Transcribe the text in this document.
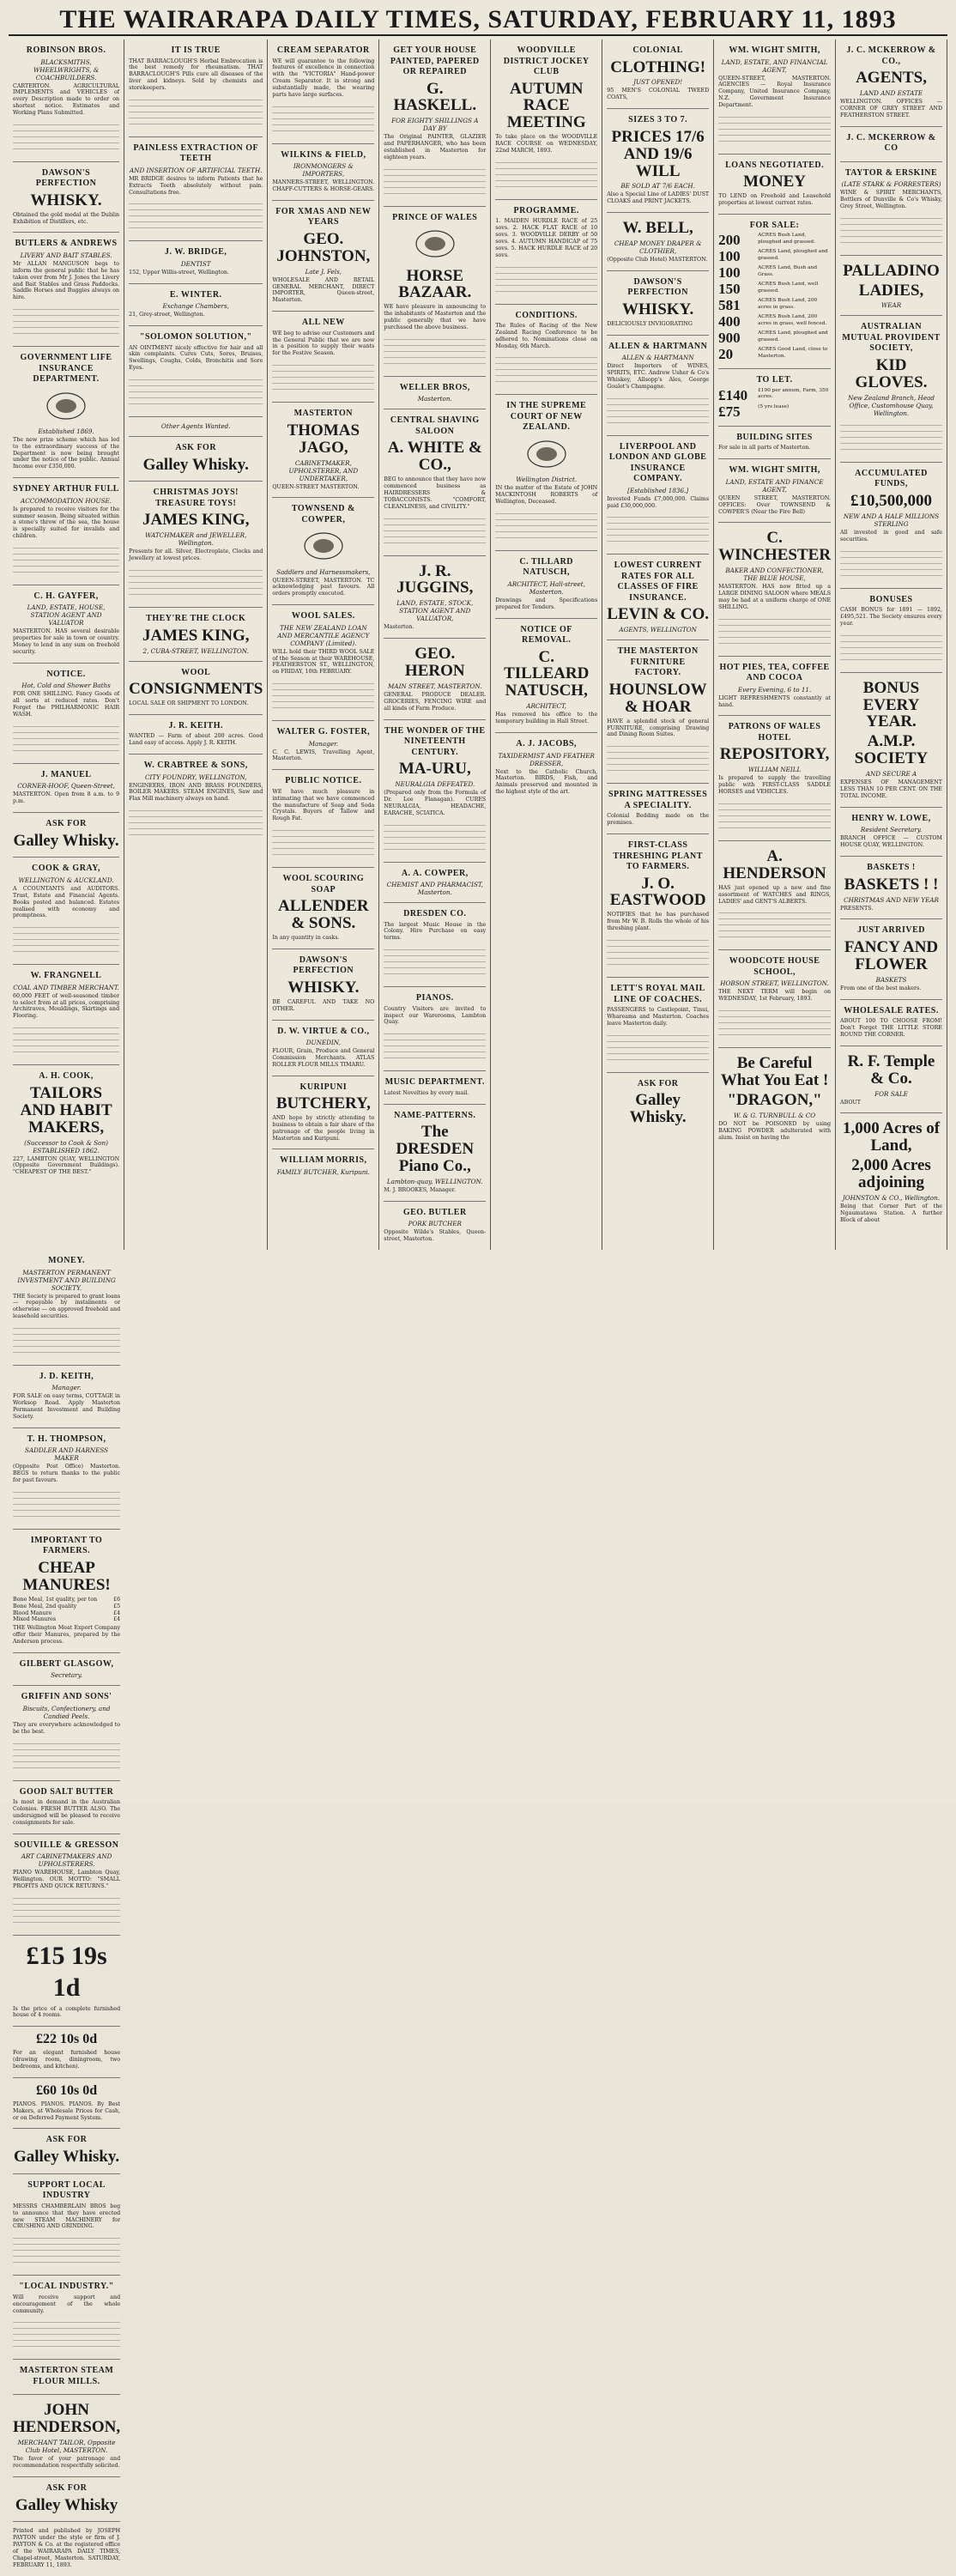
THE WAIRARAPA DAILY TIMES, SATURDAY, FEBRUARY 11, 1893
ROBINSON BROS.
BLACKSMITHS, WHEELWRIGHTS, & COACHBUILDERS.
CARTERTON. AGRICULTURAL IMPLEMENTS and VEHICLES of every Description made to order on shortest notice. Estimates and Working Plans Submitted.
DAWSON'S PERFECTION
WHISKY.
Obtained the gold medal at the Dublin Exhibition of Distillers, etc.
BUTLERS & ANDREWS
LIVERY AND BAIT STABLES.
Mr ALLAN MANGUSON begs to inform the general public that he has taken over from Mr J. Jones the Livery and Bait Stables and Grass Paddocks. Saddle Horses and Buggies always on hire.
GOVERNMENT LIFE INSURANCE DEPARTMENT.
Established 1869.
The new prize scheme which has led to the extraordinary success of the Department is now being brought under the notice of the public. Annual Income over £350,000.
SYDNEY ARTHUR FULL
ACCOMMODATION HOUSE.
Is prepared to receive visitors for the summer season. Being situated within a stone's throw of the sea, the house is specially suited for invalids and children.
C. H. GAYFER,
LAND, ESTATE, HOUSE, STATION AGENT AND VALUATOR
MASTERTON. HAS several desirable properties for sale in town or country. Money to lend in any sum on freehold security.
NOTICE.
Hot, Cold and Shower Baths
FOR ONE SHILLING. Fancy Goods of all sorts at reduced rates. Don't Forget the PHILHARMONIC HAIR WASH.
J. MANUEL
CORNER-HOOF, Queen-Street,
MASTERTON. Open from 8 a.m. to 9 p.m.
ASK FOR
Galley Whisky.
COOK & GRAY,
WELLINGTON & AUCKLAND.
A CCOUNTANTS and AUDITORS. Trust, Estate and Financial Agents. Books posted and balanced. Estates realised with economy and promptness.
W. FRANGNELL
COAL AND TIMBER MERCHANT.
60,000 FEET of well-seasoned timber to select from at all prices, comprising Architraves, Mouldings, Skirtings and Flooring.
A. H. COOK,
TAILORS AND HABIT MAKERS,
(Successor to Cook & Son) ESTABLISHED 1862.
227, LAMBTON QUAY, WELLINGTON (Opposite Government Buildings). "CHEAPEST OF THE BEST."
IT IS TRUE
THAT BARRACLOUGH'S Herbal Embrocation is the best remedy for rheumatism. THAT BARRACLOUGH'S Pills cure all diseases of the liver and kidneys. Sold by chemists and storekeepers.
PAINLESS EXTRACTION OF TEETH
AND INSERTION OF ARTIFICIAL TEETH.
MR BRIDGE desires to inform Patients that he Extracts Teeth absolutely without pain. Consultations free.
J. W. BRIDGE,
DENTIST
152, Upper Willis-street, Wellington.
E. WINTER.
Exchange Chambers,
21, Grey-street, Wellington.
"SOLOMON SOLUTION,"
AN OINTMENT nicely effective for hair and all skin complaints. Cures Cuts, Sores, Bruises, Swellings, Coughs, Colds, Bronchitis and Sore Eyes.
Other Agents Wanted.
ASK FOR
Galley Whisky.
CHRISTMAS JOYS! TREASURE TOYS!
JAMES KING,
WATCHMAKER and JEWELLER, Wellington.
Presents for all. Silver, Electroplate, Clocks and Jewellery at lowest prices.
THEY'RE THE CLOCK
JAMES KING,
2, CUBA-STREET, WELLINGTON.
WOOL
CONSIGNMENTS
LOCAL SALE OR SHIPMENT TO LONDON.
J. R. KEITH.
WANTED — Farm of about 200 acres. Good Land easy of access. Apply J. R. KEITH.
W. CRABTREE & SONS,
CITY FOUNDRY, WELLINGTON,
ENGINEERS, IRON AND BRASS FOUNDERS, BOILER MAKERS. STEAM ENGINES, Saw and Flax Mill machinery always on hand.
CREAM SEPARATOR
WE will guarantee to the following features of excellence in connection with the "VICTORIA" Hand-power Cream Separator. It is strong and substantially made, the wearing parts have large surfaces.
WILKINS & FIELD,
IRONMONGERS & IMPORTERS,
MANNERS-STREET, WELLINGTON. CHAFF-CUTTERS & HORSE-GEARS.
FOR XMAS AND NEW YEARS
GEO. JOHNSTON,
Late J. Fels,
WHOLESALE AND RETAIL GENERAL MERCHANT, DIRECT IMPORTER, Queen-street, Masterton.
ALL NEW
WE beg to advise our Customers and the General Public that we are now in a position to supply their wants for the Festive Season.
MASTERTON
THOMAS JAGO,
CABINETMAKER, UPHOLSTERER, AND UNDERTAKER,
QUEEN-STREET MASTERTON.
TOWNSEND & COWPER,
Saddlers and Harnessmakers,
QUEEN-STREET, MASTERTON. TC acknowledging past favours. All orders promptly executed.
WOOL SALES.
THE NEW ZEALAND LOAN AND MERCANTILE AGENCY COMPANY (Limited).
WILL hold their THIRD WOOL SALE of the Season at their WAREHOUSE, FEATHERSTON ST., WELLINGTON, on FRIDAY, 10th FEBRUARY.
WALTER G. FOSTER,
Manager.
C. C. LEWIS, Travelling Agent, Masterton.
PUBLIC NOTICE.
WE have much pleasure in intimating that we have commenced the manufacture of Soap and Soda Crystals. Buyers of Tallow and Rough Fat.
WOOL SCOURING SOAP
ALLENDER & SONS.
In any quantity in casks.
DAWSON'S PERFECTION
WHISKY.
BE CAREFUL AND TAKE NO OTHER.
D. W. VIRTUE & CO.,
DUNEDIN,
FLOUR, Grain, Produce and General Commission Merchants. ATLAS ROLLER FLOUR MILLS TIMARU.
KURIPUNI
BUTCHERY,
AND hope by strictly attending to business to obtain a fair share of the patronage of the people living in Masterton and Kuripuni.
WILLIAM MORRIS,
FAMILY BUTCHER, Kuripuni.
GET YOUR HOUSE PAINTED, PAPERED OR REPAIRED
G. HASKELL.
FOR EIGHTY SHILLINGS A DAY BY
The Original PAINTER, GLAZIER and PAPERHANGER, who has been established in Masterton for eighteen years.
PRINCE OF WALES
HORSE BAZAAR.
WE have pleasure in announcing to the inhabitants of Masterton and the public generally that we have purchased the above business.
WELLER BROS,
Masterton.
CENTRAL SHAVING SALOON
A. WHITE & CO.,
BEG to announce that they have now commenced business as HAIRDRESSERS & TOBACCONISTS. "COMFORT, CLEANLINESS, and CIVILITY."
J. R. JUGGINS,
LAND, ESTATE, STOCK, STATION AGENT AND VALUATOR,
Masterton.
GEO. HERON
MAIN STREET, MASTERTON.
GENERAL PRODUCE DEALER. GROCERIES, FENCING WIRE and all kinds of Farm Produce.
THE WONDER OF THE NINETEENTH CENTURY.
MA-URU,
NEURALGIA DEFEATED.
(Prepared only from the Formula of Dr. Lee Flanagan). CURES NEURALGIA, HEADACHE, EARACHE, SCIATICA.
A. A. COWPER,
CHEMIST AND PHARMACIST, Masterton.
DRESDEN CO.
The largest Music House in the Colony. Hire Purchase on easy terms.
PIANOS.
Country Visitors are invited to inspect our Warerooms, Lambton Quay.
MUSIC DEPARTMENT.
Latest Novelties by every mail.
NAME-PATTERNS.
The DRESDEN Piano Co.,
Lambton-quay, WELLINGTON.
M. J. BROOKES, Manager.
GEO. BUTLER
PORK BUTCHER
Opposite Wilde's Stables, Queen-street, Masterton.
WOODVILLE DISTRICT JOCKEY CLUB
AUTUMN RACE MEETING
To take place on the WOODVILLE RACE COURSE on WEDNESDAY, 22nd MARCH, 1893.
PROGRAMME.
1. MAIDEN HURDLE RACE of 25 sovs. 2. HACK FLAT RACE of 10 sovs. 3. WOODVILLE DERBY of 50 sovs. 4. AUTUMN HANDICAP of 75 sovs. 5. HACK HURDLE RACE of 20 sovs.
CONDITIONS.
The Rules of Racing of the New Zealand Racing Conference to be adhered to. Nominations close on Monday, 6th March.
IN THE SUPREME COURT OF NEW ZEALAND.
Wellington District.
IN the matter of the Estate of JOHN MACKINTOSH ROBERTS of Wellington, Deceased.
C. TILLARD NATUSCH,
ARCHITECT, Hall-street, Masterton.
Drawings and Specifications prepared for Tenders.
NOTICE OF REMOVAL.
C. TILLEARD NATUSCH,
ARCHITECT,
Has removed his office to the temporary building in Hall Street.
A. J. JACOBS,
TAXIDERMIST AND FEATHER DRESSER,
Next to the Catholic Church, Masterton. BIRDS, Fish, and Animals preserved and mounted in the highest style of the art.
COLONIAL
CLOTHING!
JUST OPENED!
95 MEN'S COLONIAL TWEED COATS,
SIZES 3 TO 7.
PRICES 17/6 AND 19/6 WILL
BE SOLD AT 7/6 EACH.
Also a Special Line of LADIES' DUST CLOAKS and PRINT JACKETS.
W. BELL,
CHEAP MONEY DRAPER & CLOTHIER,
(Opposite Club Hotel) MASTERTON.
DAWSON'S PERFECTION
WHISKY.
DELICIOUSLY INVIGORATING
ALLEN & HARTMANN
ALLEN & HARTMANN
Direct Importers of WINES, SPIRITS, ETC. Andrew Usher & Co's Whiskey, Allsopp's Ales, George Goulet's Champagne.
LIVERPOOL AND LONDON AND GLOBE INSURANCE COMPANY.
[Established 1836.]
Invested Funds £7,000,000. Claims paid £30,000,000.
LOWEST CURRENT RATES FOR ALL CLASSES OF FIRE INSURANCE.
LEVIN & CO.
AGENTS, WELLINGTON
THE MASTERTON FURNITURE FACTORY.
HOUNSLOW & HOAR
HAVE a splendid stock of general FURNITURE, comprising Drawing and Dining Room Suites.
SPRING MATTRESSES A SPECIALITY.
Colonial Bedding made on the premises.
FIRST-CLASS THRESHING PLANT TO FARMERS.
J. O. EASTWOOD
NOTIFIES that he has purchased from Mr W. B. Rolls the whole of his threshing plant.
LETT'S ROYAL MAIL LINE OF COACHES.
PASSENGERS to Castlepoint, Tinui, Whareama and Masterton. Coaches leave Masterton daily.
ASK FOR
Galley Whisky.
WM. WIGHT SMITH,
LAND, ESTATE, AND FINANCIAL AGENT,
QUEEN-STREET, MASTERTON. AGENCIES — Royal Insurance Company, United Insurance Company, N.Z. Government Insurance Department.
LOANS NEGOTIATED.
MONEY
TO LEND on Freehold and Leasehold properties at lowest current rates.
FOR SALE:
200	ACRES Bush Land, ploughed and grassed.
100	ACRES Land, ploughed and grassed.
100	ACRES Land, Bush and Grass.
150	ACRES Bush Land, well grassed.
581	ACRES Bush Land, 200 acres in grass.
400	ACRES Bush Land, 200 acres in grass, well fenced.
900	ACRES Land, ploughed and grassed.
20	ACRES Good Land, close to Masterton.
TO LET.
£140	£190 per annum, Farm, 350 acres.
£75	(5 yrs lease)
BUILDING SITES
For sale in all parts of Masterton.
WM. WIGHT SMITH,
LAND, ESTATE AND FINANCE AGENT,
QUEEN STREET, MASTERTON. OFFICES: Over TOWNSEND & COWPER'S (Near the Fire Bell)
C. WINCHESTER
BAKER AND CONFECTIONER, THE BLUE HOUSE,
MASTERTON. HAS now fitted up a LARGE DINING SALOON where MEALS may be had at a uniform charge of ONE SHILLING.
HOT PIES, TEA, COFFEE AND COCOA
Every Evening, 6 to 11.
LIGHT REFRESHMENTS constantly at hand.
PATRONS OF WALES HOTEL
REPOSITORY,
WILLIAM NEILL
Is prepared to supply the travelling public with FIRST-CLASS SADDLE HORSES and VEHICLES.
A. HENDERSON
HAS just opened up a new and fine assortment of WATCHES and RINGS, LADIES' and GENT'S ALBERTS.
WOODCOTE HOUSE SCHOOL,
HOBSON STREET, WELLINGTON.
THE NEXT TERM will begin on WEDNESDAY, 1st February, 1893.
Be Careful What You Eat !
"DRAGON,"
W. & G. TURNBULL & CO
DO NOT be POISONED by using BAKING POWDER adulterated with alum. Insist on having the
J. C. MCKERROW & CO.,
AGENTS,
LAND AND ESTATE
WELLINGTON. OFFICES — CORNER OF GREY STREET AND FEATHERSTON STREET.
J. C. MCKERROW & CO
TAYTOR & ERSKINE
(LATE STARK & FORRESTERS)
WINE & SPIRIT MERCHANTS, Bottlers of Dunville & Co's Whisky, Grey Street, Wellington.
PALLADINO
LADIES,
WEAR
AUSTRALIAN MUTUAL PROVIDENT SOCIETY,
KID GLOVES.
New Zealand Branch, Head Office, Customhouse Quay, Wellington.
ACCUMULATED FUNDS,
£10,500,000
NEW AND A HALF MILLIONS STERLING
All invested in good and safe securities.
BONUSES
CASH BONUS for 1891 — 1892, £495,521. The Society ensures every year.
BONUS EVERY YEAR.
A.M.P. SOCIETY
AND SECURE A
EXPENSES OF MANAGEMENT LESS THAN 10 PER CENT. ON THE TOTAL INCOME.
HENRY W. LOWE,
Resident Secretary.
BRANCH OFFICE — CUSTOM HOUSE QUAY, WELLINGTON.
BASKETS !
BASKETS ! !
CHRISTMAS AND NEW YEAR
PRESENTS.
JUST ARRIVED
FANCY AND FLOWER
BASKETS
From one of the best makers.
WHOLESALE RATES.
ABOUT 100 TO CHOOSE FROM! Don't Forget THE LITTLE STORE ROUND THE CORNER.
R. F. Temple & Co.
FOR SALE
ABOUT
1,000 Acres of Land,
2,000 Acres adjoining
JOHNSTON & CO., Wellington.
Being that Corner Part of the Ngaumutawa Station. A further Block of about
MONEY.
MASTERTON PERMANENT INVESTMENT AND BUILDING SOCIETY.
THE Society is prepared to grant loans — repayable by instalments or otherwise — on approved freehold and leasehold securities.
J. D. KEITH,
Manager.
FOR SALE on easy terms, COTTAGE in Worksop Road. Apply Masterton Permanent Investment and Building Society.
T. H. THOMPSON,
SADDLER AND HARNESS MAKER
(Opposite Post Office) Masterton. BEGS to return thanks to the public for past favours.
IMPORTANT TO FARMERS.
CHEAP MANURES!
Bone Meal, 1st quality, per ton	£6
Bone Meal, 2nd quality	£5
Blood Manure	£4
Mixed Manures	£4
THE Wellington Meat Export Company offer their Manures, prepared by the Anderson process.
GILBERT GLASGOW,
Secretary.
GRIFFIN AND SONS'
Biscuits, Confectionery, and Candied Peels.
They are everywhere acknowledged to be the best.
GOOD SALT BUTTER
Is most in demand in the Australian Colonies. FRESH BUTTER ALSO. The undersigned will be pleased to receive consignments for sale.
SOUVILLE & GRESSON
ART CABINETMAKERS AND UPHOLSTERERS.
PIANO WAREHOUSE, Lambton Quay, Wellington. OUR MOTTO: "SMALL PROFITS AND QUICK RETURNS."
£15 19s 1d
Is the price of a complete furnished house of 4 rooms.
£22 10s 0d
For an elegant furnished house (drawing room, diningroom, two bedrooms, and kitchen).
£60 10s 0d
PIANOS. PIANOS. PIANOS. By Best Makers, at Wholesale Prices for Cash, or on Deferred Payment System.
ASK FOR
Galley Whisky.
SUPPORT LOCAL INDUSTRY
MESSRS CHAMBERLAIN BROS beg to announce that they have erected new STEAM MACHINERY for CRUSHING AND GRINDING.
"LOCAL INDUSTRY."
Will receive support and encouragement of the whole community.
MASTERTON STEAM FLOUR MILLS.
JOHN HENDERSON,
MERCHANT TAILOR, Opposite Club Hotel, MASTERTON.
The favor of your patronage and recommendation respectfully solicited.
ASK FOR
Galley Whisky
Printed and published by JOSEPH PAYTON under the style or firm of J. PAYTON & Co. at the registered office of the WAIRARAPA DAILY TIMES, Chapel-street, Masterton. SATURDAY, FEBRUARY 11, 1893.
